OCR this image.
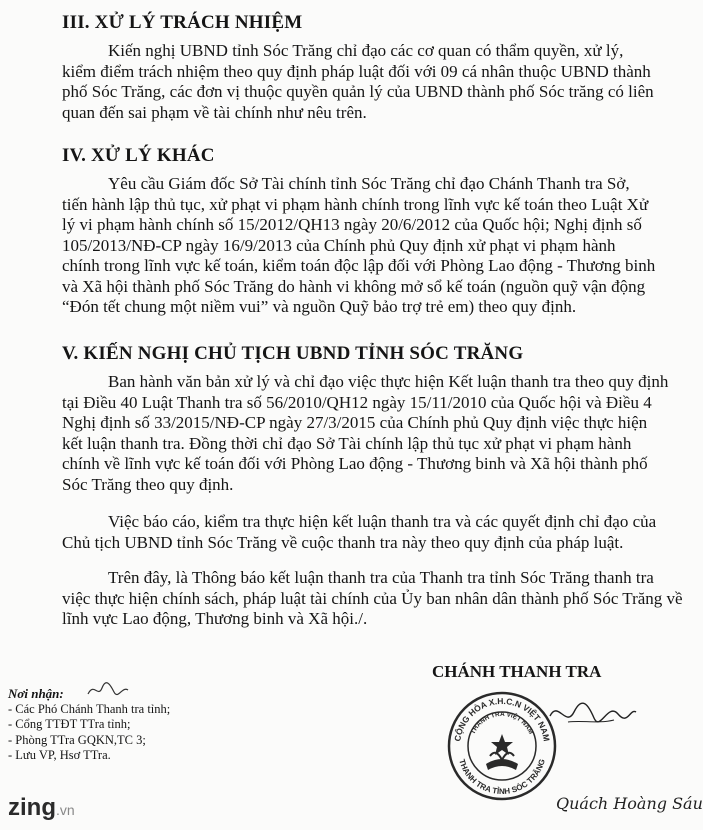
III. XỬ LÝ TRÁCH NHIỆM

Kiến nghị UBND tỉnh Sóc Trăng chỉ đạo các cơ quan có thẩm quyền, xử lý,
kiểm điểm trách nhiệm theo quy định pháp luật đối với 09 cá nhân thuộc UBND thành
phố Sóc Trăng, các đơn vị thuộc quyền quản lý của UBND thành phố Sóc trăng có liên
quan đến sai phạm về tài chính như nêu trên.

IV. XỬ LÝ KHÁC

Yêu cầu Giám đốc Sở Tài chính tỉnh Sóc Trăng chỉ đạo Chánh Thanh tra Sở,
tiến hành lập thủ tục, xử phạt vi phạm hành chính trong lĩnh vực kế toán theo Luật Xử
lý vi phạm hành chính số 15/2012/QH13 ngày 20/6/2012 của Quốc hội; Nghị định số
105/2013/NĐ-CP ngày 16/9/2013 của Chính phủ Quy định xử phạt vi phạm hành
chính trong lĩnh vực kế toán, kiểm toán độc lập đối với Phòng Lao động - Thương binh
và Xã hội thành phố Sóc Trăng do hành vi không mở sổ kế toán (nguồn quỹ vận động
“Đón tết chung một niềm vui” và nguồn Quỹ bảo trợ trẻ em) theo quy định.

V. KIẾN NGHỊ CHỦ TỊCH UBND TỈNH SÓC TRĂNG

Ban hành văn bản xử lý và chỉ đạo việc thực hiện Kết luận thanh tra theo quy định
tại Điều 40 Luật Thanh tra số 56/2010/QH12 ngày 15/11/2010 của Quốc hội và Điều 4
Nghị định số 33/2015/NĐ-CP ngày 27/3/2015 của Chính phủ Quy định việc thực hiện
kết luận thanh tra. Đồng thời chỉ đạo Sở Tài chính lập thủ tục xử phạt vi phạm hành
chính về lĩnh vực kế toán đối với Phòng Lao động - Thương binh và Xã hội thành phố
Sóc Trăng theo quy định.

Việc báo cáo, kiểm tra thực hiện kết luận thanh tra và các quyết định chỉ đạo của
Chủ tịch UBND tỉnh Sóc Trăng về cuộc thanh tra này theo quy định của pháp luật.

Trên đây, là Thông báo kết luận thanh tra của Thanh tra tỉnh Sóc Trăng thanh tra
việc thực hiện chính sách, pháp luật tài chính của Ủy ban nhân dân thành phố Sóc Trăng về
lĩnh vực Lao động, Thương binh và Xã hội./.

Nơi nhận:
- Các Phó Chánh Thanh tra tỉnh;
- Cổng TTĐT TTra tỉnh;
- Phòng TTra GQKN,TC 3;
- Lưu VP, Hsơ TTra.
CHÁNH THANH TRA
CỘNG HÒA X.H.C.N VIỆT NAM
THANH TRA TỈNH SÓC TRĂNG
THANH TRA VIỆT NAM
Quách Hoàng Sáu
zing.vn
